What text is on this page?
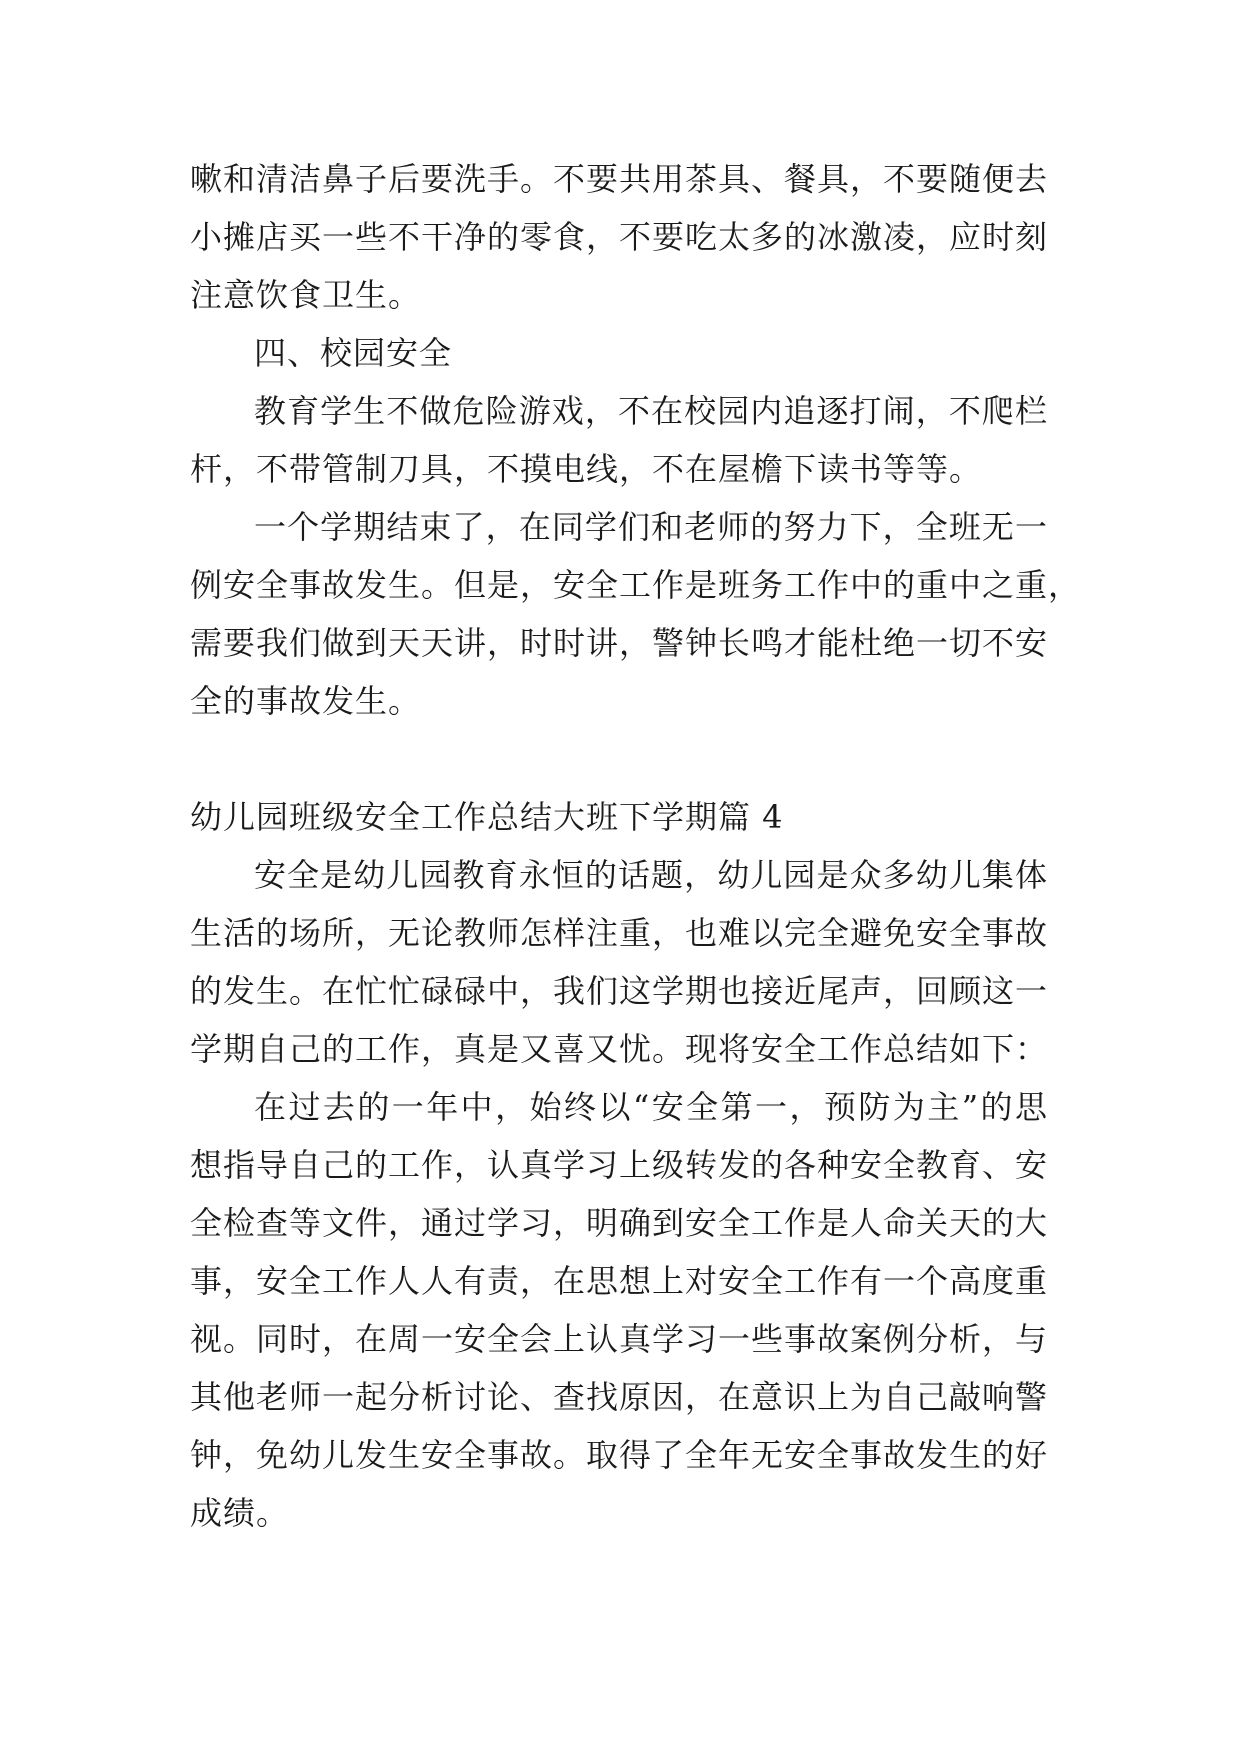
嗽和清洁鼻子后要洗手。不要共用茶具、餐具，不要随便去
小摊店买一些不干净的零食，不要吃太多的冰激凌，应时刻
注意饮食卫生。
四、校园安全
教育学生不做危险游戏，不在校园内追逐打闹，不爬栏
杆，不带管制刀具，不摸电线，不在屋檐下读书等等。
一个学期结束了，在同学们和老师的努力下，全班无一
例安全事故发生。但是，安全工作是班务工作中的重中之重，
需要我们做到天天讲，时时讲，警钟长鸣才能杜绝一切不安
全的事故发生。
幼儿园班级安全工作总结大班下学期篇 4
安全是幼儿园教育永恒的话题，幼儿园是众多幼儿集体
生活的场所，无论教师怎样注重，也难以完全避免安全事故
的发生。在忙忙碌碌中，我们这学期也接近尾声，回顾这一
学期自己的工作，真是又喜又忧。现将安全工作总结如下：
在过去的一年中，始终以“安全第一，预防为主”的思
想指导自己的工作，认真学习上级转发的各种安全教育、安
全检查等文件，通过学习，明确到安全工作是人命关天的大
事，安全工作人人有责，在思想上对安全工作有一个高度重
视。同时，在周一安全会上认真学习一些事故案例分析，与
其他老师一起分析讨论、查找原因，在意识上为自己敲响警
钟，免幼儿发生安全事故。取得了全年无安全事故发生的好
成绩。
